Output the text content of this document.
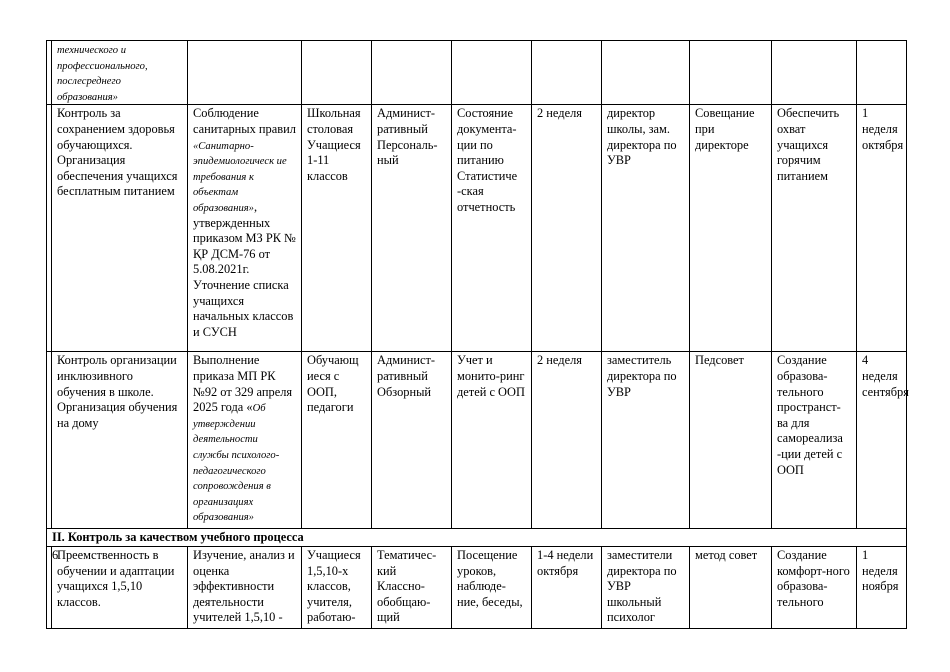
	технического и профессионального, послесреднего образования»									
	Контроль за сохранением здоровья обучающихся. Организация обеспечения учащихся бесплатным питанием	Соблюдение санитарных правил «Санитарно-эпидемиологическ ие требования к объектам образования», утвержденных приказом МЗ РК № ҚР ДСМ-76 от 5.08.2021г. Уточнение списка учащихся начальных классов и СУСН	Школьная столовая Учащиеся 1-11 классов	Админист-ративный Персональ-ный	Состояние документа-ции по питанию Статистиче -ская отчетность	2 неделя	директор школы, зам. директора по УВР	Совещание при директоре	Обеспечить охват учащихся горячим питанием	1 неделя октября
	Контроль организации инклюзивного обучения в школе. Организация обучения на дому	Выполнение приказа МП РК №92 от 329 апреля 2025 года «Об утверждении деятельности службы психолого-педагогического сопровождения в организациях образования»	Обучающ иеся с ООП, педагоги	Админист-ративный Обзорный	Учет и монито-ринг детей с ООП	2 неделя	заместитель директора по УВР	Педсовет	Создание образова-тельного пространст-ва для самореализа -ции детей с ООП	4 неделя сентября
II. Контроль за качеством учебного процесса										
6	Преемственность в обучении и адаптации учащихся 1,5,10 классов.	Изучение, анализ и оценка эффективности деятельности учителей 1,5,10 -	Учащиеся 1,5,10-х классов, учителя, работаю-	Тематичес-кий Классно-обобщаю-щий	Посещение уроков, наблюде-ние, беседы,	1-4 недели октября	заместители директора по УВР школьный психолог	метод совет	Создание комфорт-ного образова-тельного	1 неделя ноября
